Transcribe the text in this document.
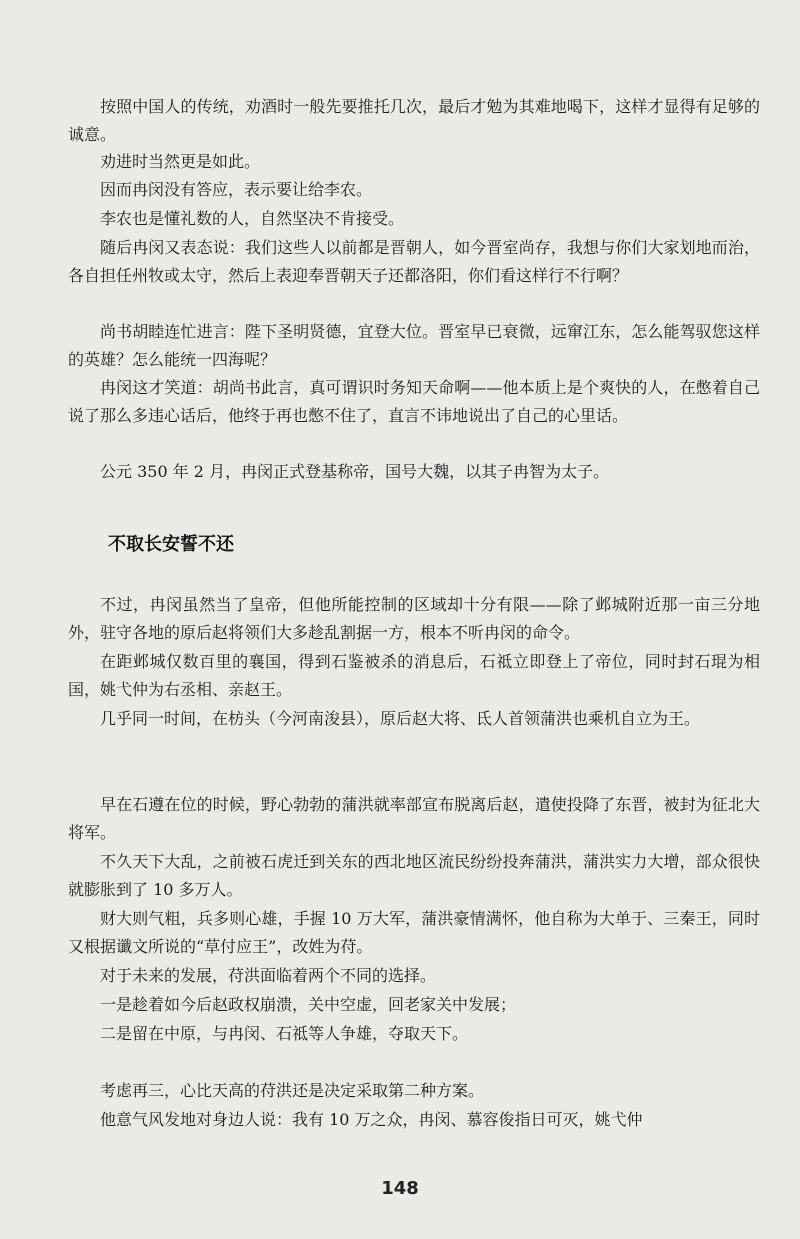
按照中国人的传统，劝酒时一般先要推托几次，最后才勉为其难地喝下，这样才显得有足够的诚意。

劝进时当然更是如此。

因而冉闵没有答应，表示要让给李农。

李农也是懂礼数的人，自然坚决不肯接受。

随后冉闵又表态说：我们这些人以前都是晋朝人，如今晋室尚存，我想与你们大家划地而治，各自担任州牧或太守，然后上表迎奉晋朝天子还都洛阳，你们看这样行不行啊？

尚书胡睦连忙进言：陛下圣明贤德，宜登大位。晋室早已衰微，远窜江东，怎么能驾驭您这样的英雄？怎么能统一四海呢？

冉闵这才笑道：胡尚书此言，真可谓识时务知天命啊——他本质上是个爽快的人，在憋着自己说了那么多违心话后，他终于再也憋不住了，直言不讳地说出了自己的心里话。

公元 350 年 2 月，冉闵正式登基称帝，国号大魏，以其子冉智为太子。

不取长安誓不还

不过，冉闵虽然当了皇帝，但他所能控制的区域却十分有限——除了邺城附近那一亩三分地外，驻守各地的原后赵将领们大多趁乱割据一方，根本不听冉闵的命令。

在距邺城仅数百里的襄国，得到石鉴被杀的消息后，石祗立即登上了帝位，同时封石琨为相国，姚弋仲为右丞相、亲赵王。

几乎同一时间，在枋头（今河南浚县），原后赵大将、氐人首领蒲洪也乘机自立为王。

早在石遵在位的时候，野心勃勃的蒲洪就率部宣布脱离后赵，遣使投降了东晋，被封为征北大将军。

不久天下大乱，之前被石虎迁到关东的西北地区流民纷纷投奔蒲洪，蒲洪实力大增，部众很快就膨胀到了 10 多万人。

财大则气粗，兵多则心雄，手握 10 万大军，蒲洪豪情满怀，他自称为大单于、三秦王，同时又根据谶文所说的“草付应王”，改姓为苻。

对于未来的发展，苻洪面临着两个不同的选择。

一是趁着如今后赵政权崩溃，关中空虚，回老家关中发展；

二是留在中原，与冉闵、石祗等人争雄，夺取天下。

考虑再三，心比天高的苻洪还是决定采取第二种方案。

他意气风发地对身边人说：我有 10 万之众，冉闵、慕容俊指日可灭，姚弋仲

148
